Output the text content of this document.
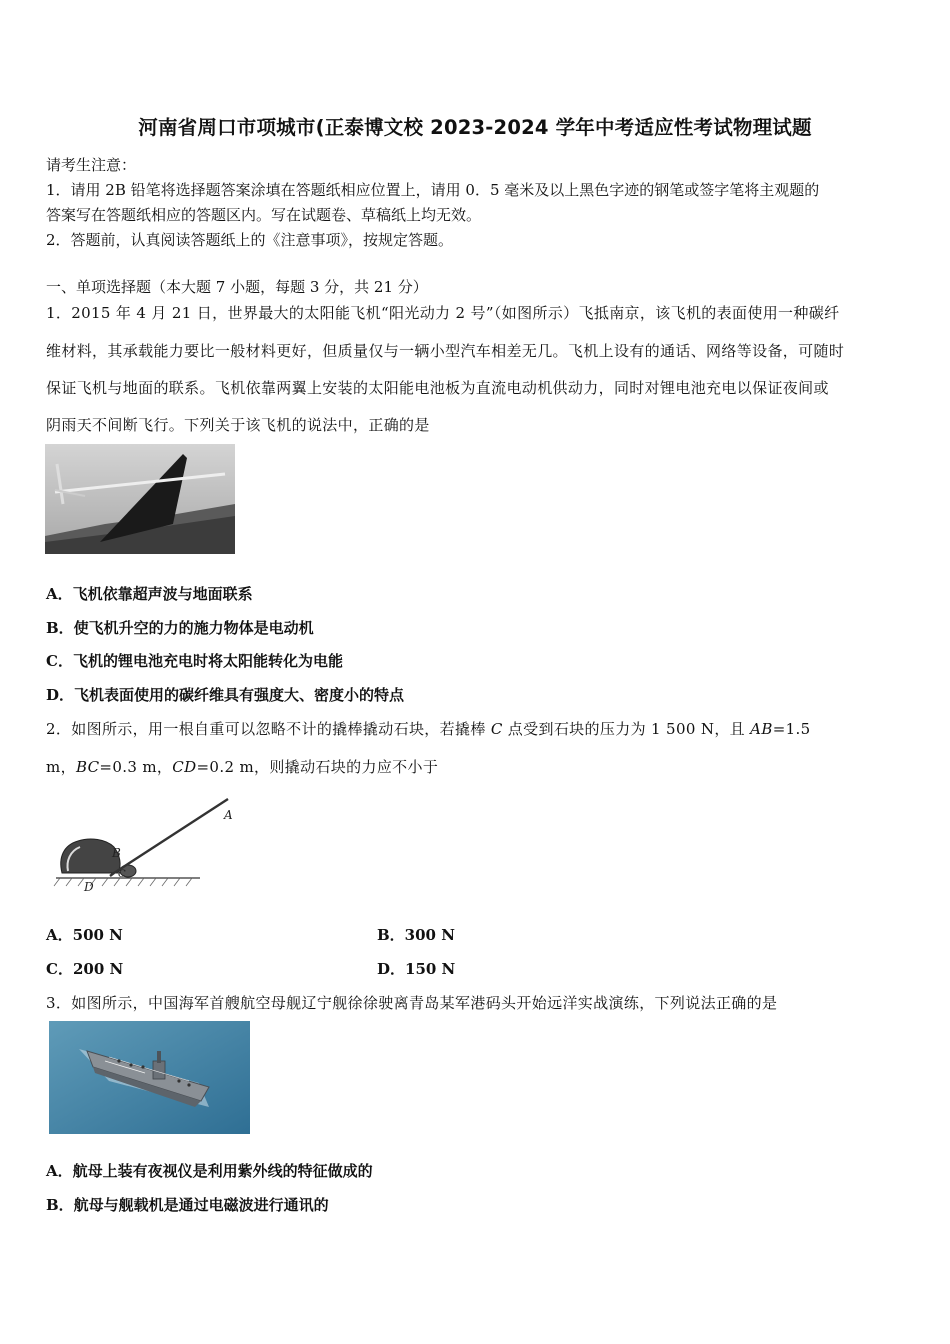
河南省周口市项城市(正泰博文校 2023-2024 学年中考适应性考试物理试题
请考生注意：
1．请用 2B 铅笔将选择题答案涂填在答题纸相应位置上，请用 0．5 毫米及以上黑色字迹的钢笔或签字笔将主观题的
答案写在答题纸相应的答题区内。写在试题卷、草稿纸上均无效。
2．答题前，认真阅读答题纸上的《注意事项》，按规定答题。
一、单项选择题（本大题 7 小题，每题 3 分，共 21 分）
1．2015 年 4 月 21 日，世界最大的太阳能飞机“阳光动力 2 号”（如图所示）飞抵南京，该飞机的表面使用一种碳纤
维材料，其承载能力要比一般材料更好，但质量仅与一辆小型汽车相差无几。飞机上设有的通话、网络等设备，可随时
保证飞机与地面的联系。飞机依靠两翼上安装的太阳能电池板为直流电动机供动力，同时对锂电池充电以保证夜间或
阴雨天不间断飞行。下列关于该飞机的说法中，正确的是
A．飞机依靠超声波与地面联系
B．使飞机升空的力的施力物体是电动机
C．飞机的锂电池充电时将太阳能转化为电能
D．飞机表面使用的碳纤维具有强度大、密度小的特点
2．如图所示，用一根自重可以忽略不计的撬棒撬动石块，若撬棒 C 点受到石块的压力为 1 500 N，且 AB=1.5
m，BC=0.3 m，CD=0.2 m，则撬动石块的力应不小于
A
B
C
D
A．500 N	B．300 N
C．200 N	D．150 N
3．如图所示，中国海军首艘航空母舰辽宁舰徐徐驶离青岛某军港码头开始远洋实战演练，下列说法正确的是
A．航母上装有夜视仪是利用紫外线的特征做成的
B．航母与舰载机是通过电磁波进行通讯的
